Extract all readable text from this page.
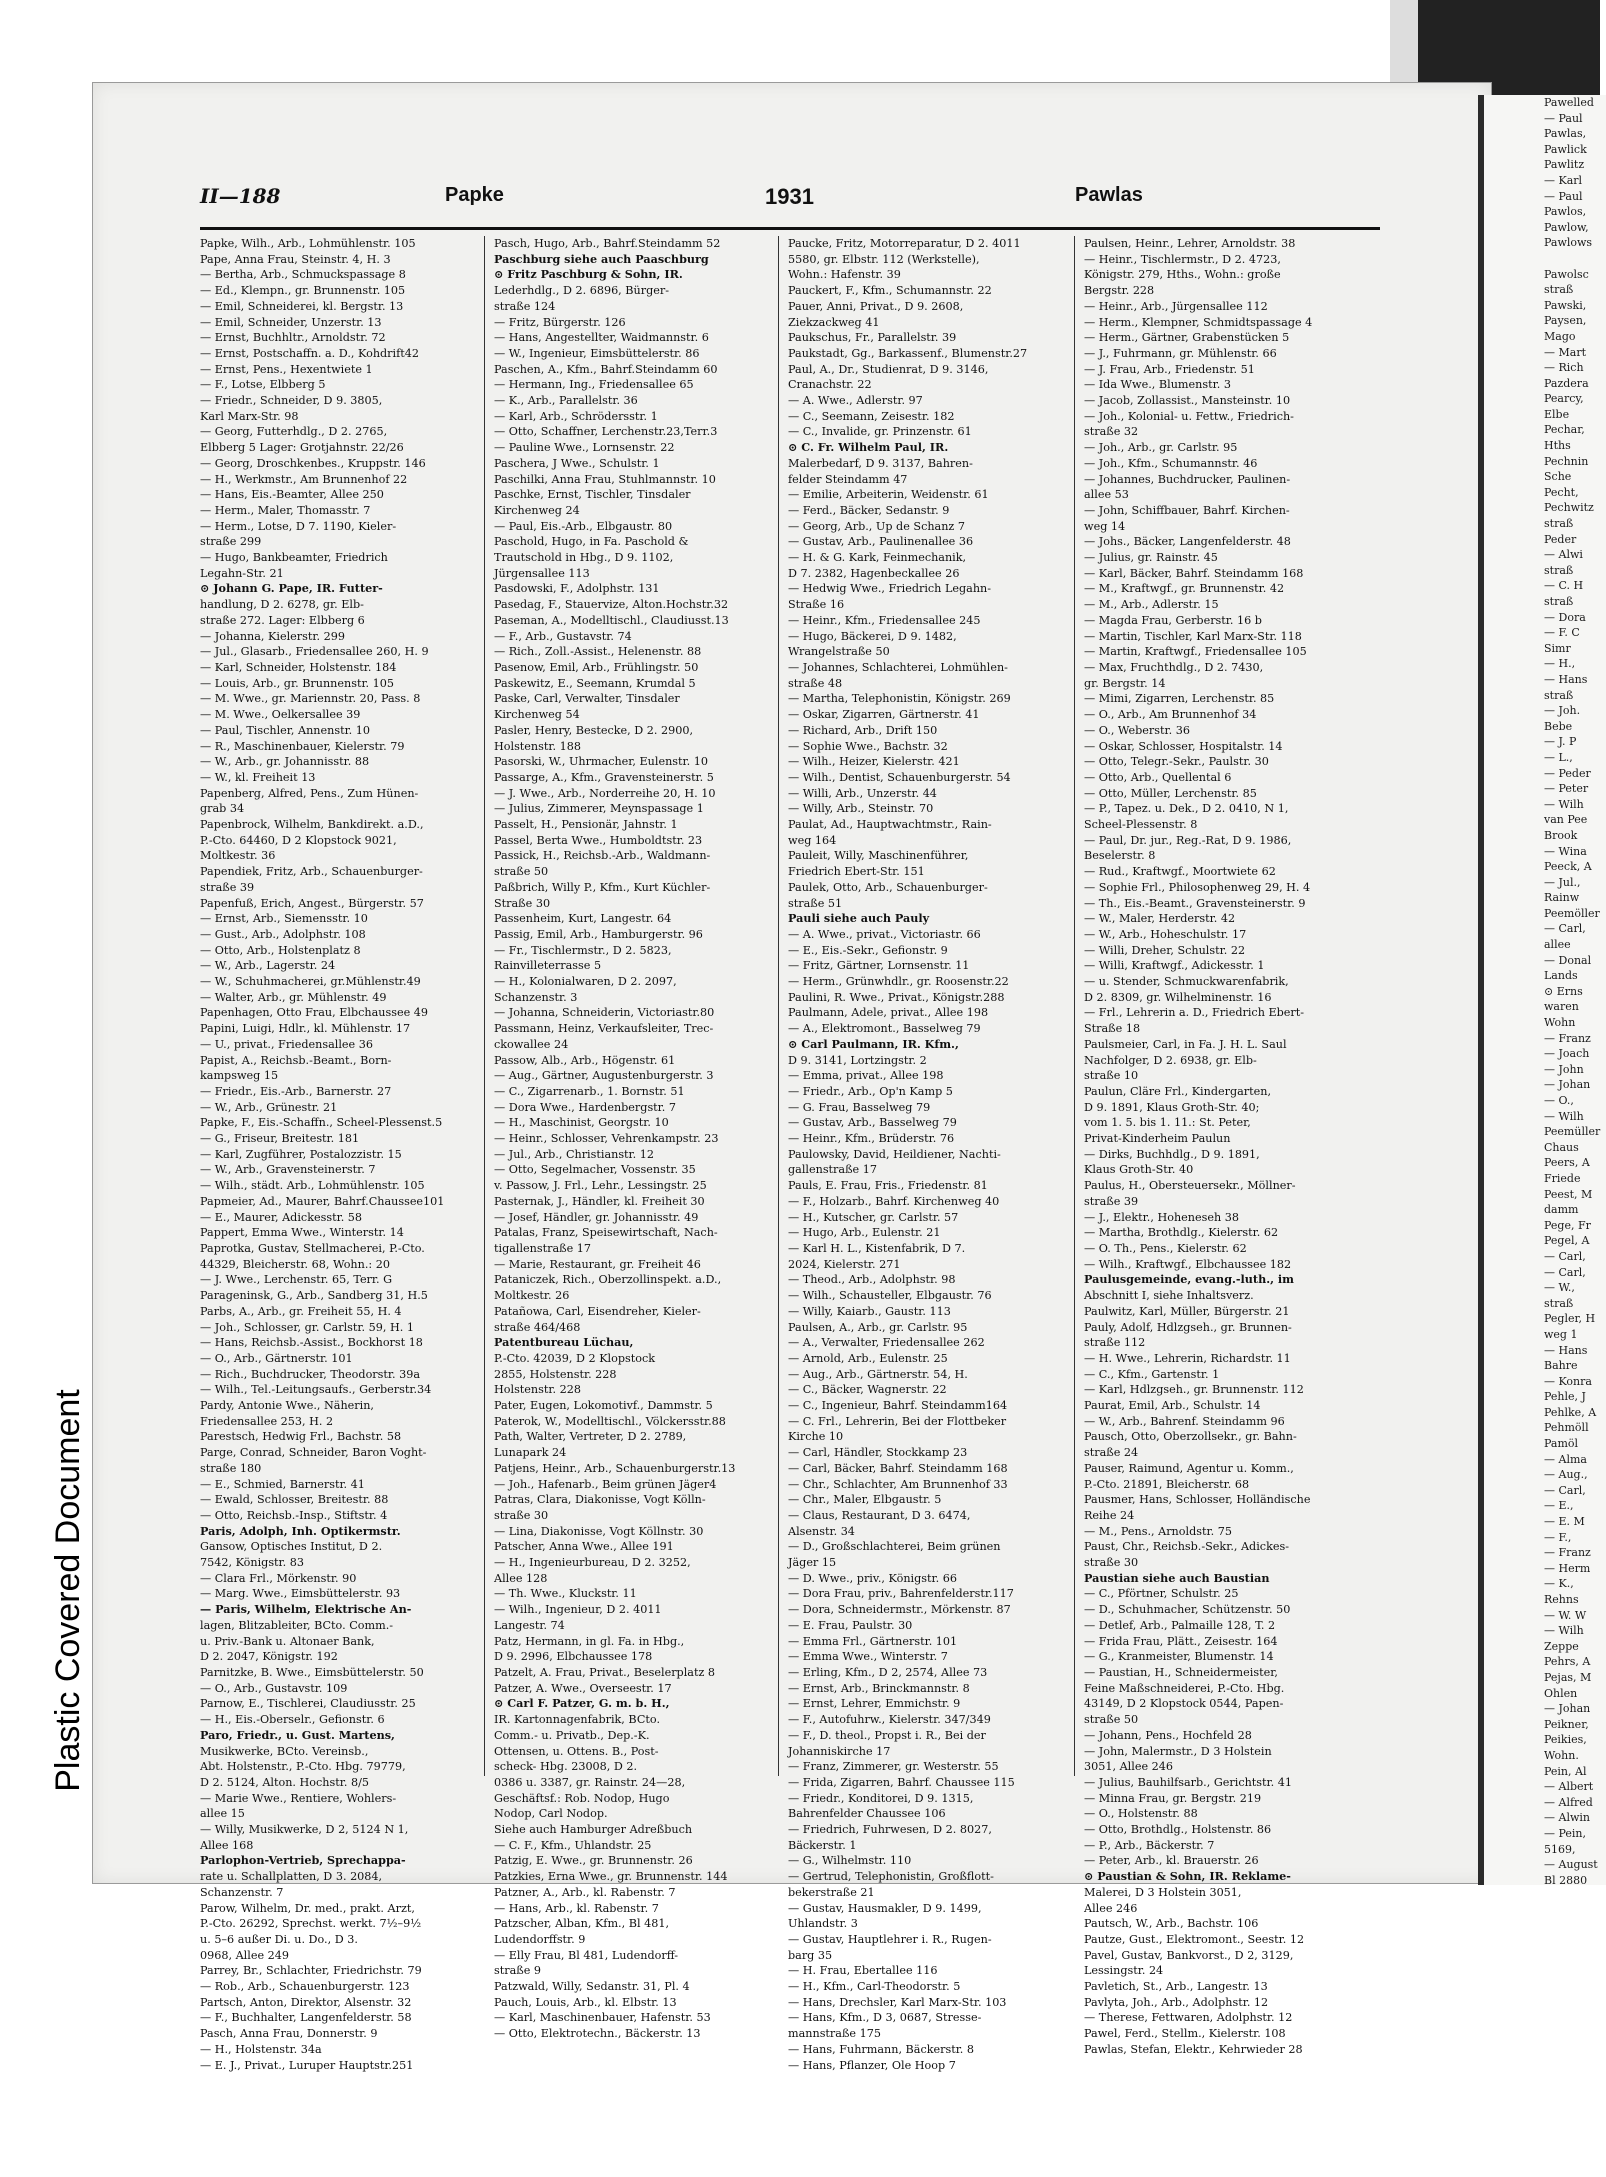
Plastic Covered Document
Pawelled
— Paul
Pawlas,
Pawlick
Pawlitz
— Karl
— Paul
Pawlos,
Pawlow,
Pawlows

Pawolsc
straß
Pawski,
Paysen,
Mago
— Mart
— Rich
Pazdera
Pearcy,
Elbe
Pechar,
Hths
Pechnin
Sche
Pecht,
Pechwitz
straß
Peder
— Alwi
straß
— C. H
straß
— Dora
— F. C
Simr
— H.,
— Hans
straß
— Joh.
Bebe
— J. P
— L.,
— Peder
— Peter
— Wilh
van Pee
Brook
— Wina
Peeck, A
— Jul.,
Rainw
Peemöller
— Carl,
allee
— Donal
Lands
⊙ Erns
waren
Wohn
— Franz
— Joach
— John
— Johan
— O.,
— Wilh
Peemüller
Chaus
Peers, A
Friede
Peest, M
damm
Pege, Fr
Pegel, A
— Carl,
— Carl,
— W.,
straß
Pegler, H
weg 1
— Hans
Bahre
— Konra
Pehle, J
Pehlke, A
Pehmöll
Pamöl
— Alma
— Aug.,
— Carl,
— E.,
— E. M
— F.,
— Franz
— Herm
— K.,
Rehns
— W. W
— Wilh
Zeppe
Pehrs, A
Pejas, M
Ohlen
— Johan
Peikner,
Peikies,
Wohn.
Pein, Al
— Albert
— Alfred
— Alwin
— Pein,
5169,
— August
Bl 2880
II—188	Papke	1931	Pawlas
Papke, Wilh., Arb., Lohmühlenstr. 105
Pape, Anna Frau, Steinstr. 4, H. 3
— Bertha, Arb., Schmuckspassage 8
— Ed., Klempn., gr. Brunnenstr. 105
— Emil, Schneiderei, kl. Bergstr. 13
— Emil, Schneider, Unzerstr. 13
— Ernst, Buchhltr., Arnoldstr. 72
— Ernst, Postschaffn. a. D., Kohdrift42
— Ernst, Pens., Hexentwiete 1
— F., Lotse, Elbberg 5
— Friedr., Schneider, D 9. 3805,
Karl Marx-Str. 98
— Georg, Futterhdlg., D 2. 2765,
Elbberg 5 Lager: Grotjahnstr. 22/26
— Georg, Droschkenbes., Kruppstr. 146
— H., Werkmstr., Am Brunnenhof 22
— Hans, Eis.-Beamter, Allee 250
— Herm., Maler, Thomasstr. 7
— Herm., Lotse, D 7. 1190, Kieler-
straße 299
— Hugo, Bankbeamter, Friedrich
Legahn-Str. 21
⊙ Johann G. Pape, IR. Futter-
handlung, D 2. 6278, gr. Elb-
straße 272. Lager: Elbberg 6
— Johanna, Kielerstr. 299
— Jul., Glasarb., Friedensallee 260, H. 9
— Karl, Schneider, Holstenstr. 184
— Louis, Arb., gr. Brunnenstr. 105
— M. Wwe., gr. Mariennstr. 20, Pass. 8
— M. Wwe., Oelkersallee 39
— Paul, Tischler, Annenstr. 10
— R., Maschinenbauer, Kielerstr. 79
— W., Arb., gr. Johannisstr. 88
— W., kl. Freiheit 13
Papenberg, Alfred, Pens., Zum Hünen-
grab 34
Papenbrock, Wilhelm, Bankdirekt. a.D.,
P.-Cto. 64460, D 2 Klopstock 9021,
Moltkestr. 36
Papendiek, Fritz, Arb., Schauenburger-
straße 39
Papenfuß, Erich, Angest., Bürgerstr. 57
— Ernst, Arb., Siemensstr. 10
— Gust., Arb., Adolphstr. 108
— Otto, Arb., Holstenplatz 8
— W., Arb., Lagerstr. 24
— W., Schuhmacherei, gr.Mühlenstr.49
— Walter, Arb., gr. Mühlenstr. 49
Papenhagen, Otto Frau, Elbchaussee 49
Papini, Luigi, Hdlr., kl. Mühlenstr. 17
— U., privat., Friedensallee 36
Papist, A., Reichsb.-Beamt., Born-
kampsweg 15
— Friedr., Eis.-Arb., Barnerstr. 27
— W., Arb., Grünestr. 21
Papke, F., Eis.-Schaffn., Scheel-Plessenst.5
— G., Friseur, Breitestr. 181
— Karl, Zugführer, Postalozzistr. 15
— W., Arb., Gravensteinerstr. 7
— Wilh., städt. Arb., Lohmühlenstr. 105
Papmeier, Ad., Maurer, Bahrf.Chaussee101
— E., Maurer, Adickesstr. 58
Pappert, Emma Wwe., Winterstr. 14
Paprotka, Gustav, Stellmacherei, P.-Cto.
44329, Bleicherstr. 68, Wohn.: 20
— J. Wwe., Lerchenstr. 65, Terr. G
Parageninsk, G., Arb., Sandberg 31, H.5
Parbs, A., Arb., gr. Freiheit 55, H. 4
— Joh., Schlosser, gr. Carlstr. 59, H. 1
— Hans, Reichsb.-Assist., Bockhorst 18
— O., Arb., Gärtnerstr. 101
— Rich., Buchdrucker, Theodorstr. 39a
— Wilh., Tel.-Leitungsaufs., Gerberstr.34
Pardy, Antonie Wwe., Näherin,
Friedensallee 253, H. 2
Parestsch, Hedwig Frl., Bachstr. 58
Parge, Conrad, Schneider, Baron Voght-
straße 180
— E., Schmied, Barnerstr. 41
— Ewald, Schlosser, Breitestr. 88
— Otto, Reichsb.-Insp., Stiftstr. 4
Paris, Adolph, Inh. Optikermstr.
Gansow, Optisches Institut, D 2.
7542, Königstr. 83
— Clara Frl., Mörkenstr. 90
— Marg. Wwe., Eimsbüttelerstr. 93
— Paris, Wilhelm, Elektrische An-
lagen, Blitzableiter, BCto. Comm.-
u. Priv.-Bank u. Altonaer Bank,
D 2. 2047, Königstr. 192
Parnitzke, B. Wwe., Eimsbüttelerstr. 50
— O., Arb., Gustavstr. 109
Parnow, E., Tischlerei, Claudiusstr. 25
— H., Eis.-Oberselr., Gefionstr. 6
Paro, Friedr., u. Gust. Martens,
Musikwerke, BCto. Vereinsb.,
Abt. Holstenstr., P.-Cto. Hbg. 79779,
D 2. 5124, Alton. Hochstr. 8/5
— Marie Wwe., Rentiere, Wohlers-
allee 15
— Willy, Musikwerke, D 2, 5124 N 1,
Allee 168
Parlophon-Vertrieb, Sprechappa-
rate u. Schallplatten, D 3. 2084,
Schanzenstr. 7
Parow, Wilhelm, Dr. med., prakt. Arzt,
P.-Cto. 26292, Sprechst. werkt. 7½–9½
u. 5–6 außer Di. u. Do., D 3.
0968, Allee 249
Parrey, Br., Schlachter, Friedrichstr. 79
— Rob., Arb., Schauenburgerstr. 123
Partsch, Anton, Direktor, Alsenstr. 32
— F., Buchhalter, Langenfelderstr. 58
Pasch, Anna Frau, Donnerstr. 9
— H., Holstenstr. 34a
— E. J., Privat., Luruper Hauptstr.251
Pasch, Hugo, Arb., Bahrf.Steindamm 52
Paschburg siehe auch Paaschburg
⊙ Fritz Paschburg & Sohn, IR.
Lederhdlg., D 2. 6896, Bürger-
straße 124
— Fritz, Bürgerstr. 126
— Hans, Angestellter, Waidmannstr. 6
— W., Ingenieur, Eimsbüttelerstr. 86
Paschen, A., Kfm., Bahrf.Steindamm 60
— Hermann, Ing., Friedensallee 65
— K., Arb., Parallelstr. 36
— Karl, Arb., Schrödersstr. 1
— Otto, Schaffner, Lerchenstr.23,Terr.3
— Pauline Wwe., Lornsenstr. 22
Paschera, J Wwe., Schulstr. 1
Paschilki, Anna Frau, Stuhlmannstr. 10
Paschke, Ernst, Tischler, Tinsdaler
Kirchenweg 24
— Paul, Eis.-Arb., Elbgaustr. 80
Paschold, Hugo, in Fa. Paschold &
Trautschold in Hbg., D 9. 1102,
Jürgensallee 113
Pasdowski, F., Adolphstr. 131
Pasedag, F., Stauervize, Alton.Hochstr.32
Paseman, A., Modelltischl., Claudiusst.13
— F., Arb., Gustavstr. 74
— Rich., Zoll.-Assist., Helenenstr. 88
Pasenow, Emil, Arb., Frühlingstr. 50
Paskewitz, E., Seemann, Krumdal 5
Paske, Carl, Verwalter, Tinsdaler
Kirchenweg 54
Pasler, Henry, Bestecke, D 2. 2900,
Holstenstr. 188
Pasorski, W., Uhrmacher, Eulenstr. 10
Passarge, A., Kfm., Gravensteinerstr. 5
— J. Wwe., Arb., Norderreihe 20, H. 10
— Julius, Zimmerer, Meynspassage 1
Passelt, H., Pensionär, Jahnstr. 1
Passel, Berta Wwe., Humboldtstr. 23
Passick, H., Reichsb.-Arb., Waldmann-
straße 50
Paßbrich, Willy P., Kfm., Kurt Küchler-
Straße 30
Passenheim, Kurt, Langestr. 64
Passig, Emil, Arb., Hamburgerstr. 96
— Fr., Tischlermstr., D 2. 5823,
Rainvilleterrasse 5
— H., Kolonialwaren, D 2. 2097,
Schanzenstr. 3
— Johanna, Schneiderin, Victoriastr.80
Passmann, Heinz, Verkaufsleiter, Trec-
ckowallee 24
Passow, Alb., Arb., Högenstr. 61
— Aug., Gärtner, Augustenburgerstr. 3
— C., Zigarrenarb., 1. Bornstr. 51
— Dora Wwe., Hardenbergstr. 7
— H., Maschinist, Georgstr. 10
— Heinr., Schlosser, Vehrenkampstr. 23
— Jul., Arb., Christianstr. 12
— Otto, Segelmacher, Vossenstr. 35
v. Passow, J. Frl., Lehr., Lessingstr. 25
Pasternak, J., Händler, kl. Freiheit 30
— Josef, Händler, gr. Johannisstr. 49
Patalas, Franz, Speisewirtschaft, Nach-
tigallenstraße 17
— Marie, Restaurant, gr. Freiheit 46
Pataniczek, Rich., Oberzollinspekt. a.D.,
Moltkestr. 26
Patañowa, Carl, Eisendreher, Kieler-
straße 464/468
Patentbureau Lüchau,
P.-Cto. 42039, D 2 Klopstock
2855, Holstenstr. 228
Holstenstr. 228
Pater, Eugen, Lokomotivf., Dammstr. 5
Paterok, W., Modelltischl., Völckersstr.88
Path, Walter, Vertreter, D 2. 2789,
Lunapark 24
Patjens, Heinr., Arb., Schauenburgerstr.13
— Joh., Hafenarb., Beim grünen Jäger4
Patras, Clara, Diakonisse, Vogt Kölln-
straße 30
— Lina, Diakonisse, Vogt Köllnstr. 30
Patscher, Anna Wwe., Allee 191
— H., Ingenieurbureau, D 2. 3252,
Allee 128
— Th. Wwe., Kluckstr. 11
— Wilh., Ingenieur, D 2. 4011
Langestr. 74
Patz, Hermann, in gl. Fa. in Hbg.,
D 9. 2996, Elbchaussee 178
Patzelt, A. Frau, Privat., Beselerplatz 8
Patzer, A. Wwe., Overseestr. 17
⊙ Carl F. Patzer, G. m. b. H.,
IR. Kartonnagenfabrik, BCto.
Comm.- u. Privatb., Dep.-K.
Ottensen, u. Ottens. B., Post-
scheck- Hbg. 23008, D 2.
0386 u. 3387, gr. Rainstr. 24—28,
Geschäftsf.: Rob. Nodop, Hugo
Nodop, Carl Nodop.
Siehe auch Hamburger Adreßbuch
— C. F., Kfm., Uhlandstr. 25
Patzig, E. Wwe., gr. Brunnenstr. 26
Patzkies, Erna Wwe., gr. Brunnenstr. 144
Patzner, A., Arb., kl. Rabenstr. 7
— Hans, Arb., kl. Rabenstr. 7
Patzscher, Alban, Kfm., Bl 481,
Ludendorffstr. 9
— Elly Frau, Bl 481, Ludendorff-
straße 9
Patzwald, Willy, Sedanstr. 31, Pl. 4
Pauch, Louis, Arb., kl. Elbstr. 13
— Karl, Maschinenbauer, Hafenstr. 53
— Otto, Elektrotechn., Bäckerstr. 13
Paucke, Fritz, Motorreparatur, D 2. 4011
5580, gr. Elbstr. 112 (Werkstelle),
Wohn.: Hafenstr. 39
Pauckert, F., Kfm., Schumannstr. 22
Pauer, Anni, Privat., D 9. 2608,
Ziekzackweg 41
Paukschus, Fr., Parallelstr. 39
Paukstadt, Gg., Barkassenf., Blumenstr.27
Paul, A., Dr., Studienrat, D 9. 3146,
Cranachstr. 22
— A. Wwe., Adlerstr. 97
— C., Seemann, Zeisestr. 182
— C., Invalide, gr. Prinzenstr. 61
⊙ C. Fr. Wilhelm Paul, IR.
Malerbedarf, D 9. 3137, Bahren-
felder Steindamm 47
— Emilie, Arbeiterin, Weidenstr. 61
— Ferd., Bäcker, Sedanstr. 9
— Georg, Arb., Up de Schanz 7
— Gustav, Arb., Paulinenallee 36
— H. & G. Kark, Feinmechanik,
D 7. 2382, Hagenbeckallee 26
— Hedwig Wwe., Friedrich Legahn-
Straße 16
— Heinr., Kfm., Friedensallee 245
— Hugo, Bäckerei, D 9. 1482,
Wrangelstraße 50
— Johannes, Schlachterei, Lohmühlen-
straße 48
— Martha, Telephonistin, Königstr. 269
— Oskar, Zigarren, Gärtnerstr. 41
— Richard, Arb., Drift 150
— Sophie Wwe., Bachstr. 32
— Wilh., Heizer, Kielerstr. 421
— Wilh., Dentist, Schauenburgerstr. 54
— Willi, Arb., Unzerstr. 44
— Willy, Arb., Steinstr. 70
Paulat, Ad., Hauptwachtmstr., Rain-
weg 164
Pauleit, Willy, Maschinenführer,
Friedrich Ebert-Str. 151
Paulek, Otto, Arb., Schauenburger-
straße 51
Pauli siehe auch Pauly
— A. Wwe., privat., Victoriastr. 66
— E., Eis.-Sekr., Gefionstr. 9
— Fritz, Gärtner, Lornsenstr. 11
— Herm., Grünwhdlr., gr. Roosenstr.22
Paulini, R. Wwe., Privat., Königstr.288
Paulmann, Adele, privat., Allee 198
— A., Elektromont., Basselweg 79
⊙ Carl Paulmann, IR. Kfm.,
D 9. 3141, Lortzingstr. 2
— Emma, privat., Allee 198
— Friedr., Arb., Op'n Kamp 5
— G. Frau, Basselweg 79
— Gustav, Arb., Basselweg 79
— Heinr., Kfm., Brüderstr. 76
Paulowsky, David, Heildiener, Nachti-
gallenstraße 17
Pauls, E. Frau, Fris., Friedenstr. 81
— F., Holzarb., Bahrf. Kirchenweg 40
— H., Kutscher, gr. Carlstr. 57
— Hugo, Arb., Eulenstr. 21
— Karl H. L., Kistenfabrik, D 7.
2024, Kielerstr. 271
— Theod., Arb., Adolphstr. 98
— Wilh., Schausteller, Elbgaustr. 76
— Willy, Kaiarb., Gaustr. 113
Paulsen, A., Arb., gr. Carlstr. 95
— A., Verwalter, Friedensallee 262
— Arnold, Arb., Eulenstr. 25
— Aug., Arb., Gärtnerstr. 54, H.
— C., Bäcker, Wagnerstr. 22
— C., Ingenieur, Bahrf. Steindamm164
— C. Frl., Lehrerin, Bei der Flottbeker
Kirche 10
— Carl, Händler, Stockkamp 23
— Carl, Bäcker, Bahrf. Steindamm 168
— Chr., Schlachter, Am Brunnenhof 33
— Chr., Maler, Elbgaustr. 5
— Claus, Restaurant, D 3. 6474,
Alsenstr. 34
— D., Großschlachterei, Beim grünen
Jäger 15
— D. Wwe., priv., Königstr. 66
— Dora Frau, priv., Bahrenfelderstr.117
— Dora, Schneidermstr., Mörkenstr. 87
— E. Frau, Paulstr. 30
— Emma Frl., Gärtnerstr. 101
— Emma Wwe., Winterstr. 7
— Erling, Kfm., D 2, 2574, Allee 73
— Ernst, Arb., Brinckmannstr. 8
— Ernst, Lehrer, Emmichstr. 9
— F., Autofuhrw., Kielerstr. 347/349
— F., D. theol., Propst i. R., Bei der
Johanniskirche 17
— Franz, Zimmerer, gr. Westerstr. 55
— Frida, Zigarren, Bahrf. Chaussee 115
— Friedr., Konditorei, D 9. 1315,
Bahrenfelder Chaussee 106
— Friedrich, Fuhrwesen, D 2. 8027,
Bäckerstr. 1
— G., Wilhelmstr. 110
— Gertrud, Telephonistin, Großflott-
bekerstraße 21
— Gustav, Hausmakler, D 9. 1499,
Uhlandstr. 3
— Gustav, Hauptlehrer i. R., Rugen-
barg 35
— H. Frau, Ebertallee 116
— H., Kfm., Carl-Theodorstr. 5
— Hans, Drechsler, Karl Marx-Str. 103
— Hans, Kfm., D 3, 0687, Stresse-
mannstraße 175
— Hans, Fuhrmann, Bäckerstr. 8
— Hans, Pflanzer, Ole Hoop 7
Paulsen, Heinr., Lehrer, Arnoldstr. 38
— Heinr., Tischlermstr., D 2. 4723,
Königstr. 279, Hths., Wohn.: große
Bergstr. 228
— Heinr., Arb., Jürgensallee 112
— Herm., Klempner, Schmidtspassage 4
— Herm., Gärtner, Grabenstücken 5
— J., Fuhrmann, gr. Mühlenstr. 66
— J. Frau, Arb., Friedenstr. 51
— Ida Wwe., Blumenstr. 3
— Jacob, Zollassist., Mansteinstr. 10
— Joh., Kolonial- u. Fettw., Friedrich-
straße 32
— Joh., Arb., gr. Carlstr. 95
— Joh., Kfm., Schumannstr. 46
— Johannes, Buchdrucker, Paulinen-
allee 53
— John, Schiffbauer, Bahrf. Kirchen-
weg 14
— Johs., Bäcker, Langenfelderstr. 48
— Julius, gr. Rainstr. 45
— Karl, Bäcker, Bahrf. Steindamm 168
— M., Kraftwgf., gr. Brunnenstr. 42
— M., Arb., Adlerstr. 15
— Magda Frau, Gerberstr. 16 b
— Martin, Tischler, Karl Marx-Str. 118
— Martin, Kraftwgf., Friedensallee 105
— Max, Fruchthdlg., D 2. 7430,
gr. Bergstr. 14
— Mimi, Zigarren, Lerchenstr. 85
— O., Arb., Am Brunnenhof 34
— O., Weberstr. 36
— Oskar, Schlosser, Hospitalstr. 14
— Otto, Telegr.-Sekr., Paulstr. 30
— Otto, Arb., Quellental 6
— Otto, Müller, Lerchenstr. 85
— P., Tapez. u. Dek., D 2. 0410, N 1,
Scheel-Plessenstr. 8
— Paul, Dr. jur., Reg.-Rat, D 9. 1986,
Beselerstr. 8
— Rud., Kraftwgf., Moortwiete 62
— Sophie Frl., Philosophenweg 29, H. 4
— Th., Eis.-Beamt., Gravensteinerstr. 9
— W., Maler, Herderstr. 42
— W., Arb., Hoheschulstr. 17
— Willi, Dreher, Schulstr. 22
— Willi, Kraftwgf., Adickesstr. 1
— u. Stender, Schmuckwarenfabrik,
D 2. 8309, gr. Wilhelminenstr. 16
— Frl., Lehrerin a. D., Friedrich Ebert-
Straße 18
Paulsmeier, Carl, in Fa. J. H. L. Saul
Nachfolger, D 2. 6938, gr. Elb-
straße 10
Paulun, Cläre Frl., Kindergarten,
D 9. 1891, Klaus Groth-Str. 40;
vom 1. 5. bis 1. 11.: St. Peter,
Privat-Kinderheim Paulun
— Dirks, Buchhdlg., D 9. 1891,
Klaus Groth-Str. 40
Paulus, H., Obersteuersekr., Möllner-
straße 39
— J., Elektr., Hoheneseh 38
— Martha, Brothdlg., Kielerstr. 62
— O. Th., Pens., Kielerstr. 62
— Wilh., Kraftwgf., Elbchaussee 182
Paulusgemeinde, evang.-luth., im
Abschnitt I, siehe Inhaltsverz.
Paulwitz, Karl, Müller, Bürgerstr. 21
Pauly, Adolf, Hdlzgseh., gr. Brunnen-
straße 112
— H. Wwe., Lehrerin, Richardstr. 11
— C., Kfm., Gartenstr. 1
— Karl, Hdlzgseh., gr. Brunnenstr. 112
Paurat, Emil, Arb., Schulstr. 14
— W., Arb., Bahrenf. Steindamm 96
Pausch, Otto, Oberzollsekr., gr. Bahn-
straße 24
Pauser, Raimund, Agentur u. Komm.,
P.-Cto. 21891, Bleicherstr. 68
Pausmer, Hans, Schlosser, Holländische
Reihe 24
— M., Pens., Arnoldstr. 75
Paust, Chr., Reichsb.-Sekr., Adickes-
straße 30
Paustian siehe auch Baustian
— C., Pförtner, Schulstr. 25
— D., Schuhmacher, Schützenstr. 50
— Detlef, Arb., Palmaille 128, T. 2
— Frida Frau, Plätt., Zeisestr. 164
— G., Kranmeister, Blumenstr. 14
— Paustian, H., Schneidermeister,
Feine Maßschneiderei, P.-Cto. Hbg.
43149, D 2 Klopstock 0544, Papen-
straße 50
— Johann, Pens., Hochfeld 28
— John, Malermstr., D 3 Holstein
3051, Allee 246
— Julius, Bauhilfsarb., Gerichtstr. 41
— Minna Frau, gr. Bergstr. 219
— O., Holstenstr. 88
— Otto, Brothdlg., Holstenstr. 86
— P., Arb., Bäckerstr. 7
— Peter, Arb., kl. Brauerstr. 26
⊙ Paustian & Sohn, IR. Reklame-
Malerei, D 3 Holstein 3051,
Allee 246
Pautsch, W., Arb., Bachstr. 106
Pautze, Gust., Elektromont., Seestr. 12
Pavel, Gustav, Bankvorst., D 2, 3129,
Lessingstr. 24
Pavletich, St., Arb., Langestr. 13
Pavlyta, Joh., Arb., Adolphstr. 12
— Therese, Fettwaren, Adolphstr. 12
Pawel, Ferd., Stellm., Kielerstr. 108
Pawlas, Stefan, Elektr., Kehrwieder 28
